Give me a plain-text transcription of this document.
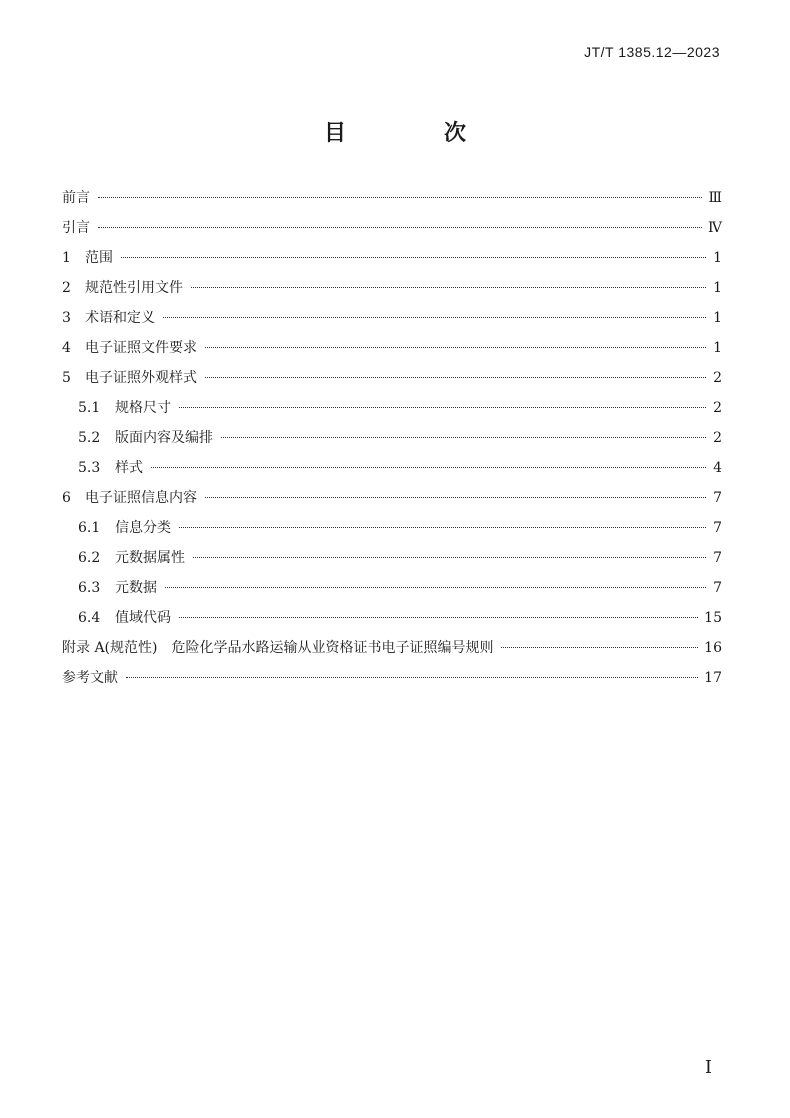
JT/T 1385.12—2023
目　次
前言	Ⅲ
引言	Ⅳ
1	范围	1
2	规范性引用文件	1
3	术语和定义	1
4	电子证照文件要求	1
5	电子证照外观样式	2
5.1	规格尺寸	2
5.2	版面内容及编排	2
5.3	样式	4
6	电子证照信息内容	7
6.1	信息分类	7
6.2	元数据属性	7
6.3	元数据	7
6.4	值域代码	15
附录 A(规范性)　危险化学品水路运输从业资格证书电子证照编号规则	16
参考文献	17
I
